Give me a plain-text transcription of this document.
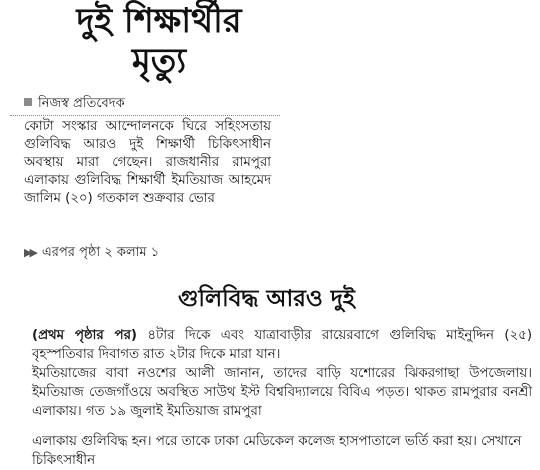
দুই শিক্ষার্থীর
মৃত্যু
নিজস্ব প্রতিবেদক
কোটা সংস্কার আন্দোলনকে ঘিরে সহিংসতায় গুলিবিদ্ধ আরও দুই শিক্ষার্থী চিকিৎসাধীন অবস্থায় মারা গেছেন। রাজধানীর রামপুরা এলাকায় গুলিবিদ্ধ শিক্ষার্থী ইমতিয়াজ আহমেদ জালিম (২০) গতকাল শুক্রবার ভোর
▶▶ এরপর পৃষ্ঠা ২ কলাম ১
গুলিবিদ্ধ আরও দুই
(প্রথম পৃষ্ঠার পর) ৪টার দিকে এবং যাত্রাবাড়ীর রায়েরবাগে গুলিবিদ্ধ মাইনুদ্দিন (২৫) বৃহস্পতিবার দিবাগত রাত ২টার দিকে মারা যান।
ইমতিয়াজের বাবা নওশের আলী জানান, তাদের বাড়ি যশোরের ঝিকরগাছা উপজেলায়। ইমতিয়াজ তেজগাঁওয়ে অবস্থিত সাউথ ইস্ট বিশ্ববিদ্যালয়ে বিবিএ পড়ত। থাকত রামপুরার বনশ্রী এলাকায়। গত ১৯ জুলাই ইমতিয়াজ রামপুরা
এলাকায় গুলিবিদ্ধ হন। পরে তাকে ঢাকা মেডিকেল কলেজ হাসপাতালে ভর্তি করা হয়। সেখানে চিকিৎসাধীন
